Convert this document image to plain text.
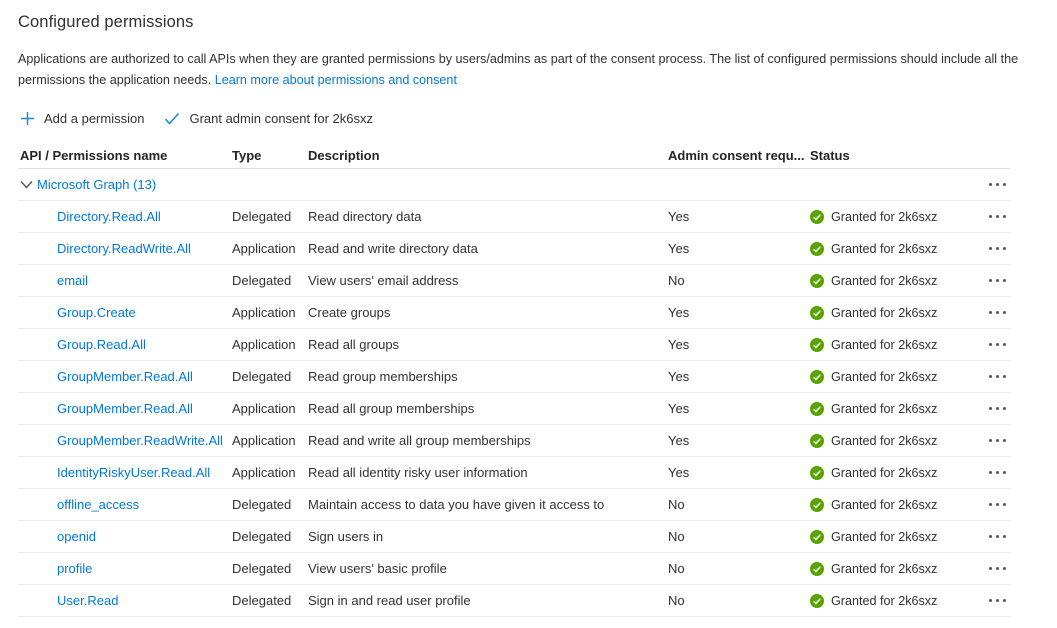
Configured permissions
Applications are authorized to call APIs when they are granted permissions by users/admins as part of the consent process. The list of configured permissions should include all the permissions the application needs. Learn more about permissions and consent
Add a permission	Grant admin consent for 2k6sxz
API / Permissions name	Type	Description	Admin consent requ... Status
Microsoft Graph (13)
Directory.Read.All	Delegated	Read directory data	Yes	Granted for 2k6sxz
Directory.ReadWrite.All	Application Read and write directory data	Yes	Granted for 2k6sxz
email	Delegated	View users' email address	No	Granted for 2k6sxz
Group.Create	Application Create groups	Yes	Granted for 2k6sxz
Group.Read.All	Application Read all groups	Yes	Granted for 2k6sxz
GroupMember.Read.All	Delegated	Read group memberships	Yes	Granted for 2k6sxz
GroupMember.Read.All	Application Read all group memberships	Yes	Granted for 2k6sxz
GroupMember.ReadWrite.All Application Read and write all group memberships	Yes	Granted for 2k6sxz
IdentityRiskyUser.Read.All Application Read all identity risky user information	Yes	Granted for 2k6sxz
offline_access	Delegated	Maintain access to data you have given it access to	No	Granted for 2k6sxz
openid	Delegated	Sign users in	No	Granted for 2k6sxz
profile	Delegated	View users' basic profile	No	Granted for 2k6sxz
User.Read	Delegated	Sign in and read user profile	No	Granted for 2k6sxz
